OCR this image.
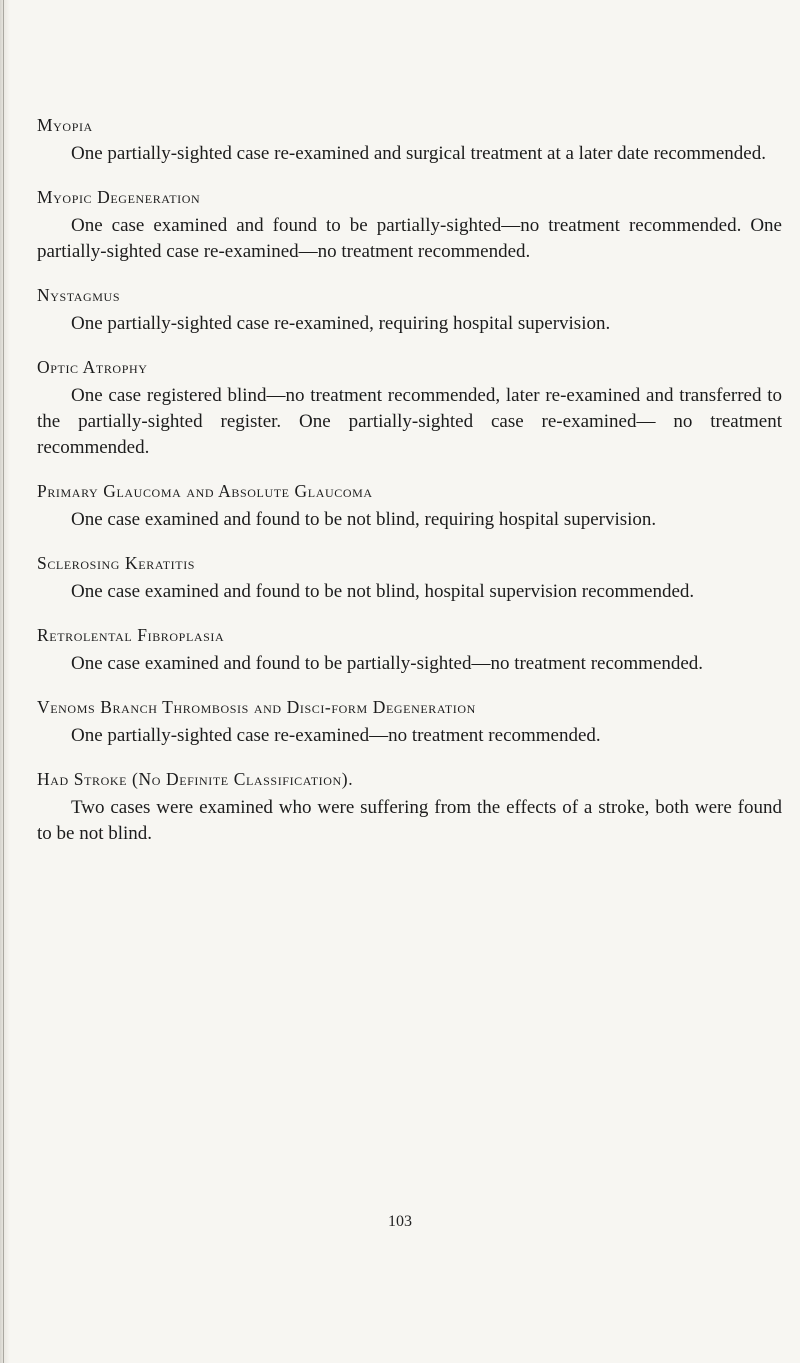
Myopia

One partially-sighted case re-examined and surgical treatment at a later date recommended.

Myopic Degeneration

One case examined and found to be partially-sighted—no treatment recommended. One partially-sighted case re-examined—no treatment recommended.

Nystagmus

One partially-sighted case re-examined, requiring hospital supervision.

Optic Atrophy

One case registered blind—no treatment recommended, later re-examined and transferred to the partially-sighted register. One partially-sighted case re-examined— no treatment recommended.

Primary Glaucoma and Absolute Glaucoma

One case examined and found to be not blind, requiring hospital supervision.

Sclerosing Keratitis

One case examined and found to be not blind, hospital supervision recommended.

Retrolental Fibroplasia

One case examined and found to be partially-sighted—no treatment recommended.

Venoms Branch Thrombosis and Disci-form Degeneration

One partially-sighted case re-examined—no treatment recommended.

Had Stroke (No Definite Classification).

Two cases were examined who were suffering from the effects of a stroke, both were found to be not blind.

103
